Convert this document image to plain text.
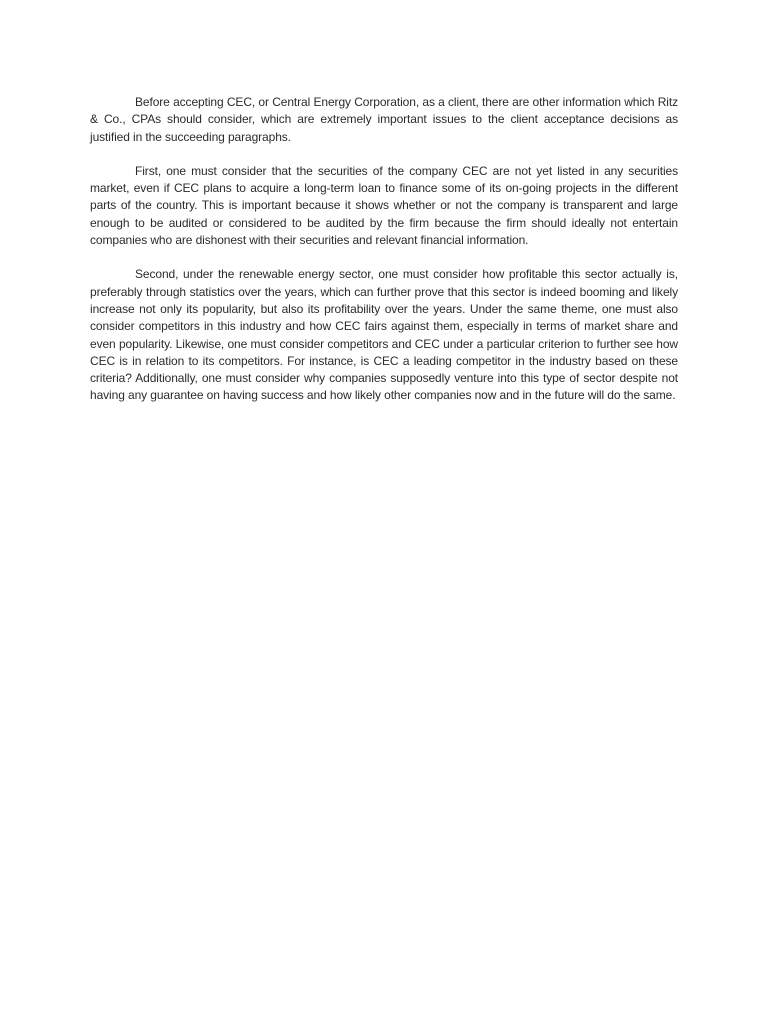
Before accepting CEC, or Central Energy Corporation, as a client, there are other information which Ritz & Co., CPAs should consider, which are extremely important issues to the client acceptance decisions as justified in the succeeding paragraphs.

First, one must consider that the securities of the company CEC are not yet listed in any securities market, even if CEC plans to acquire a long-term loan to finance some of its on-going projects in the different parts of the country. This is important because it shows whether or not the company is transparent and large enough to be audited or considered to be audited by the firm because the firm should ideally not entertain companies who are dishonest with their securities and relevant financial information.

Second, under the renewable energy sector, one must consider how profitable this sector actually is, preferably through statistics over the years, which can further prove that this sector is indeed booming and likely increase not only its popularity, but also its profitability over the years. Under the same theme, one must also consider competitors in this industry and how CEC fairs against them, especially in terms of market share and even popularity. Likewise, one must consider competitors and CEC under a particular criterion to further see how CEC is in relation to its competitors. For instance, is CEC a leading competitor in the industry based on these criteria? Additionally, one must consider why companies supposedly venture into this type of sector despite not having any guarantee on having success and how likely other companies now and in the future will do the same.
